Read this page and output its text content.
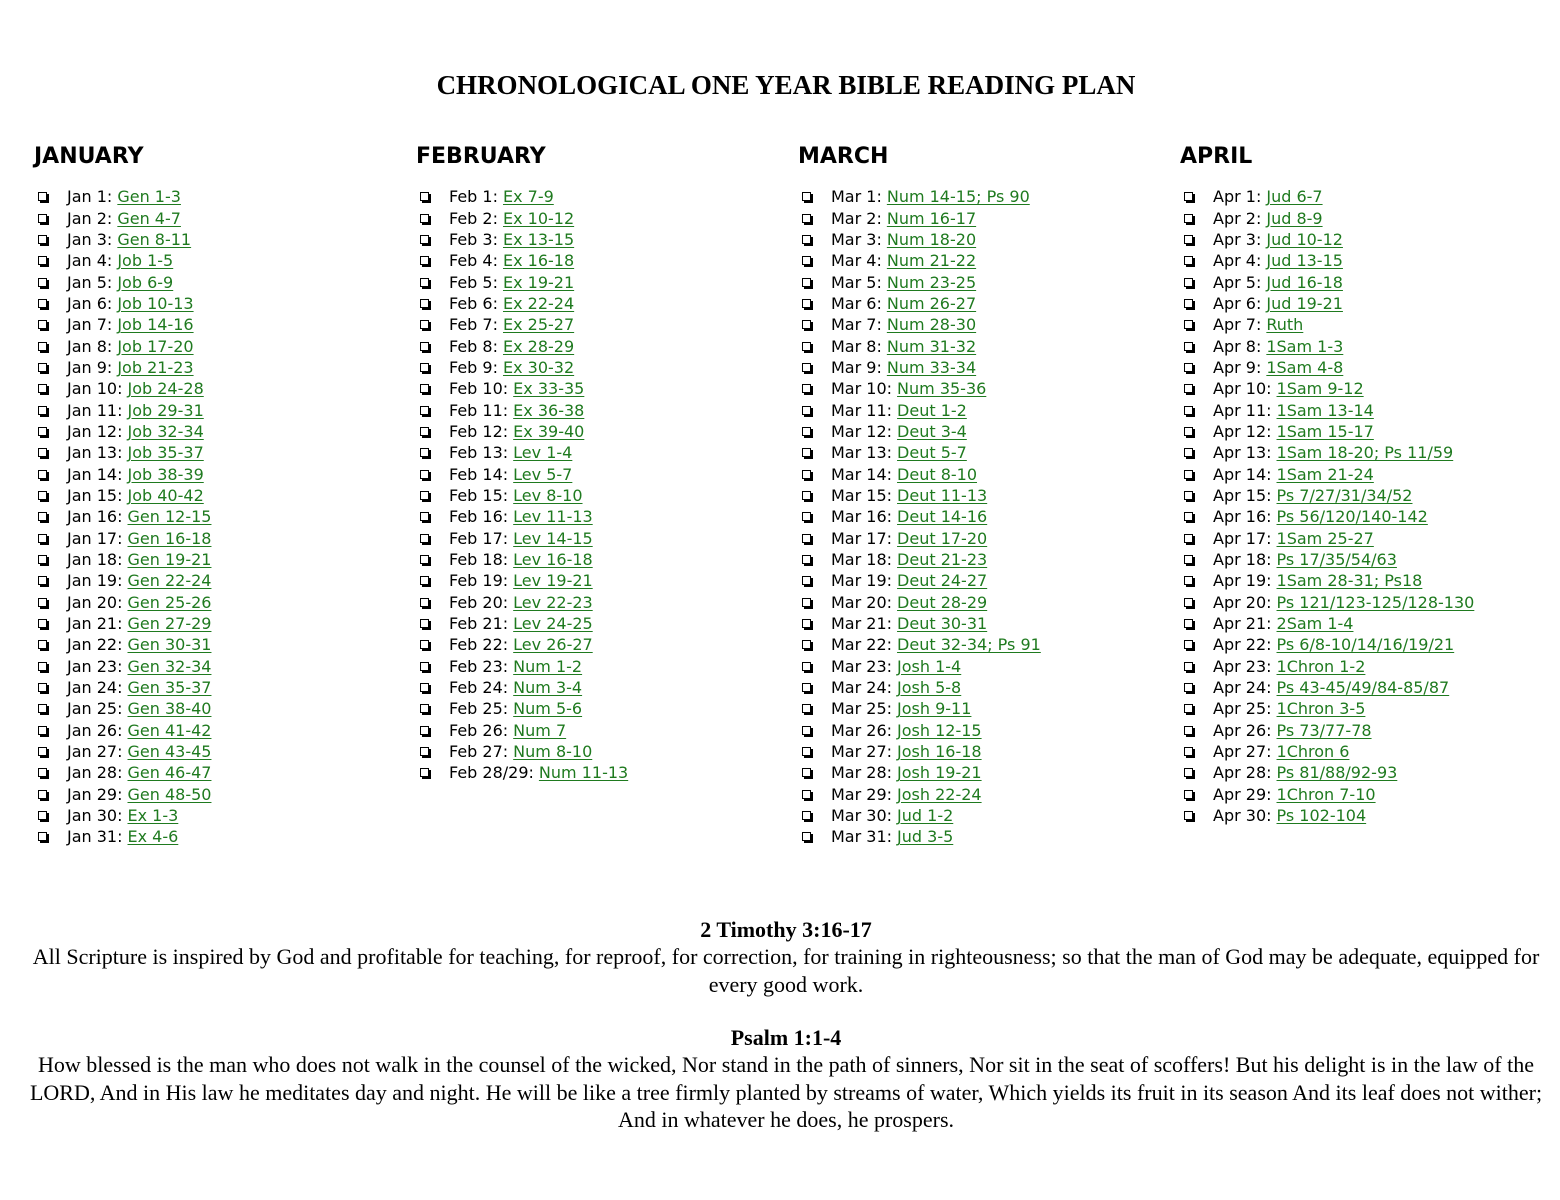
CHRONOLOGICAL ONE YEAR BIBLE READING PLAN
JANUARY
Jan 1: Gen 1-3
Jan 2: Gen 4-7
Jan 3: Gen 8-11
Jan 4: Job 1-5
Jan 5: Job 6-9
Jan 6: Job 10-13
Jan 7: Job 14-16
Jan 8: Job 17-20
Jan 9: Job 21-23
Jan 10: Job 24-28
Jan 11: Job 29-31
Jan 12: Job 32-34
Jan 13: Job 35-37
Jan 14: Job 38-39
Jan 15: Job 40-42
Jan 16: Gen 12-15
Jan 17: Gen 16-18
Jan 18: Gen 19-21
Jan 19: Gen 22-24
Jan 20: Gen 25-26
Jan 21: Gen 27-29
Jan 22: Gen 30-31
Jan 23: Gen 32-34
Jan 24: Gen 35-37
Jan 25: Gen 38-40
Jan 26: Gen 41-42
Jan 27: Gen 43-45
Jan 28: Gen 46-47
Jan 29: Gen 48-50
Jan 30: Ex 1-3
Jan 31: Ex 4-6
FEBRUARY
Feb 1: Ex 7-9
Feb 2: Ex 10-12
Feb 3: Ex 13-15
Feb 4: Ex 16-18
Feb 5: Ex 19-21
Feb 6: Ex 22-24
Feb 7: Ex 25-27
Feb 8: Ex 28-29
Feb 9: Ex 30-32
Feb 10: Ex 33-35
Feb 11: Ex 36-38
Feb 12: Ex 39-40
Feb 13: Lev 1-4
Feb 14: Lev 5-7
Feb 15: Lev 8-10
Feb 16: Lev 11-13
Feb 17: Lev 14-15
Feb 18: Lev 16-18
Feb 19: Lev 19-21
Feb 20: Lev 22-23
Feb 21: Lev 24-25
Feb 22: Lev 26-27
Feb 23: Num 1-2
Feb 24: Num 3-4
Feb 25: Num 5-6
Feb 26: Num 7
Feb 27: Num 8-10
Feb 28/29: Num 11-13
MARCH
Mar 1: Num 14-15; Ps 90
Mar 2: Num 16-17
Mar 3: Num 18-20
Mar 4: Num 21-22
Mar 5: Num 23-25
Mar 6: Num 26-27
Mar 7: Num 28-30
Mar 8: Num 31-32
Mar 9: Num 33-34
Mar 10: Num 35-36
Mar 11: Deut 1-2
Mar 12: Deut 3-4
Mar 13: Deut 5-7
Mar 14: Deut 8-10
Mar 15: Deut 11-13
Mar 16: Deut 14-16
Mar 17: Deut 17-20
Mar 18: Deut 21-23
Mar 19: Deut 24-27
Mar 20: Deut 28-29
Mar 21: Deut 30-31
Mar 22: Deut 32-34; Ps 91
Mar 23: Josh 1-4
Mar 24: Josh 5-8
Mar 25: Josh 9-11
Mar 26: Josh 12-15
Mar 27: Josh 16-18
Mar 28: Josh 19-21
Mar 29: Josh 22-24
Mar 30: Jud 1-2
Mar 31: Jud 3-5
APRIL
Apr 1: Jud 6-7
Apr 2: Jud 8-9
Apr 3: Jud 10-12
Apr 4: Jud 13-15
Apr 5: Jud 16-18
Apr 6: Jud 19-21
Apr 7: Ruth
Apr 8: 1Sam 1-3
Apr 9: 1Sam 4-8
Apr 10: 1Sam 9-12
Apr 11: 1Sam 13-14
Apr 12: 1Sam 15-17
Apr 13: 1Sam 18-20; Ps 11/59
Apr 14: 1Sam 21-24
Apr 15: Ps 7/27/31/34/52
Apr 16: Ps 56/120/140-142
Apr 17: 1Sam 25-27
Apr 18: Ps 17/35/54/63
Apr 19: 1Sam 28-31; Ps18
Apr 20: Ps 121/123-125/128-130
Apr 21: 2Sam 1-4
Apr 22: Ps 6/8-10/14/16/19/21
Apr 23: 1Chron 1-2
Apr 24: Ps 43-45/49/84-85/87
Apr 25: 1Chron 3-5
Apr 26: Ps 73/77-78
Apr 27: 1Chron 6
Apr 28: Ps 81/88/92-93
Apr 29: 1Chron 7-10
Apr 30: Ps 102-104

2 Timothy 3:16-17

All Scripture is inspired by God and profitable for teaching, for reproof, for correction, for training in righteousness; so that the man of God may be adequate, equipped for every good work.

Psalm 1:1-4

How blessed is the man who does not walk in the counsel of the wicked, Nor stand in the path of sinners, Nor sit in the seat of scoffers! But his delight is in the law of the LORD, And in His law he meditates day and night. He will be like a tree firmly planted by streams of water, Which yields its fruit in its season And its leaf does not wither; And in whatever he does, he prospers.
